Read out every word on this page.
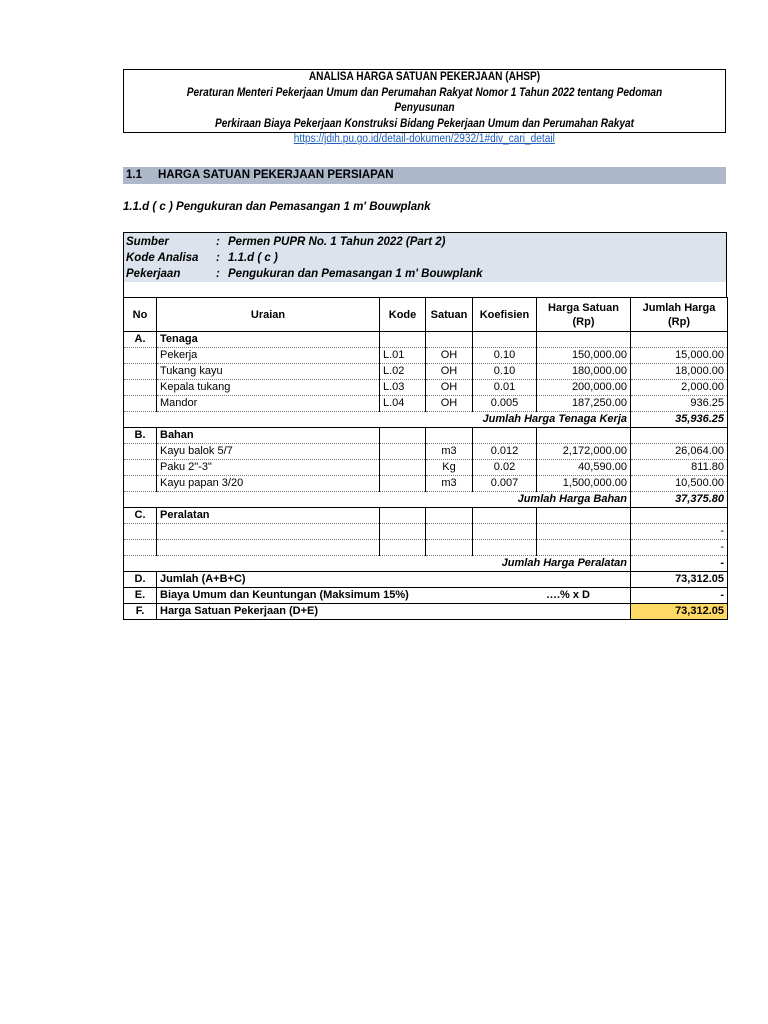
ANALISA HARGA SATUAN PEKERJAAN (AHSP)
Peraturan Menteri Pekerjaan Umum dan Perumahan Rakyat Nomor 1 Tahun 2022 tentang Pedoman Penyusunan
Perkiraan Biaya Pekerjaan Konstruksi Bidang Pekerjaan Umum dan Perumahan Rakyat
https://jdih.pu.go.id/detail-dokumen/2932/1#div_cari_detail
1.1 HARGA SATUAN PEKERJAAN PERSIAPAN
1.1.d ( c ) Pengukuran dan Pemasangan 1 m' Bouwplank
Sumber	: Permen PUPR No. 1 Tahun 2022 (Part 2)
Kode Analisa : 1.1.d ( c )
Pekerjaan	: Pengukuran dan Pemasangan 1 m' Bouwplank
No	Uraian	Kode	Satuan	Koefisien	Harga Satuan (Rp)	Jumlah Harga (Rp)
A.	Tenaga					
	Pekerja	L.01	OH	0.10	150,000.00	15,000.00
	Tukang kayu	L.02	OH	0.10	180,000.00	18,000.00
	Kepala tukang	L.03	OH	0.01	200,000.00	2,000.00
	Mandor	L.04	OH	0.005	187,250.00	936.25
	Jumlah Harga Tenaga Kerja					35,936.25
B.	Bahan					
	Kayu balok 5/7		m3	0.012	2,172,000.00	26,064.00
	Paku 2"-3"		Kg	0.02	40,590.00	811.80
	Kayu papan 3/20		m3	0.007	1,500,000.00	10,500.00
	Jumlah Harga Bahan					37,375.80
C.	Peralatan					
						-
						-
	Jumlah Harga Peralatan					-
D.	Jumlah (A+B+C)					73,312.05
E.	Biaya Umum dan Keuntungan (Maksimum 15%)			….% x D		-
F.	Harga Satuan Pekerjaan (D+E)					73,312.05
